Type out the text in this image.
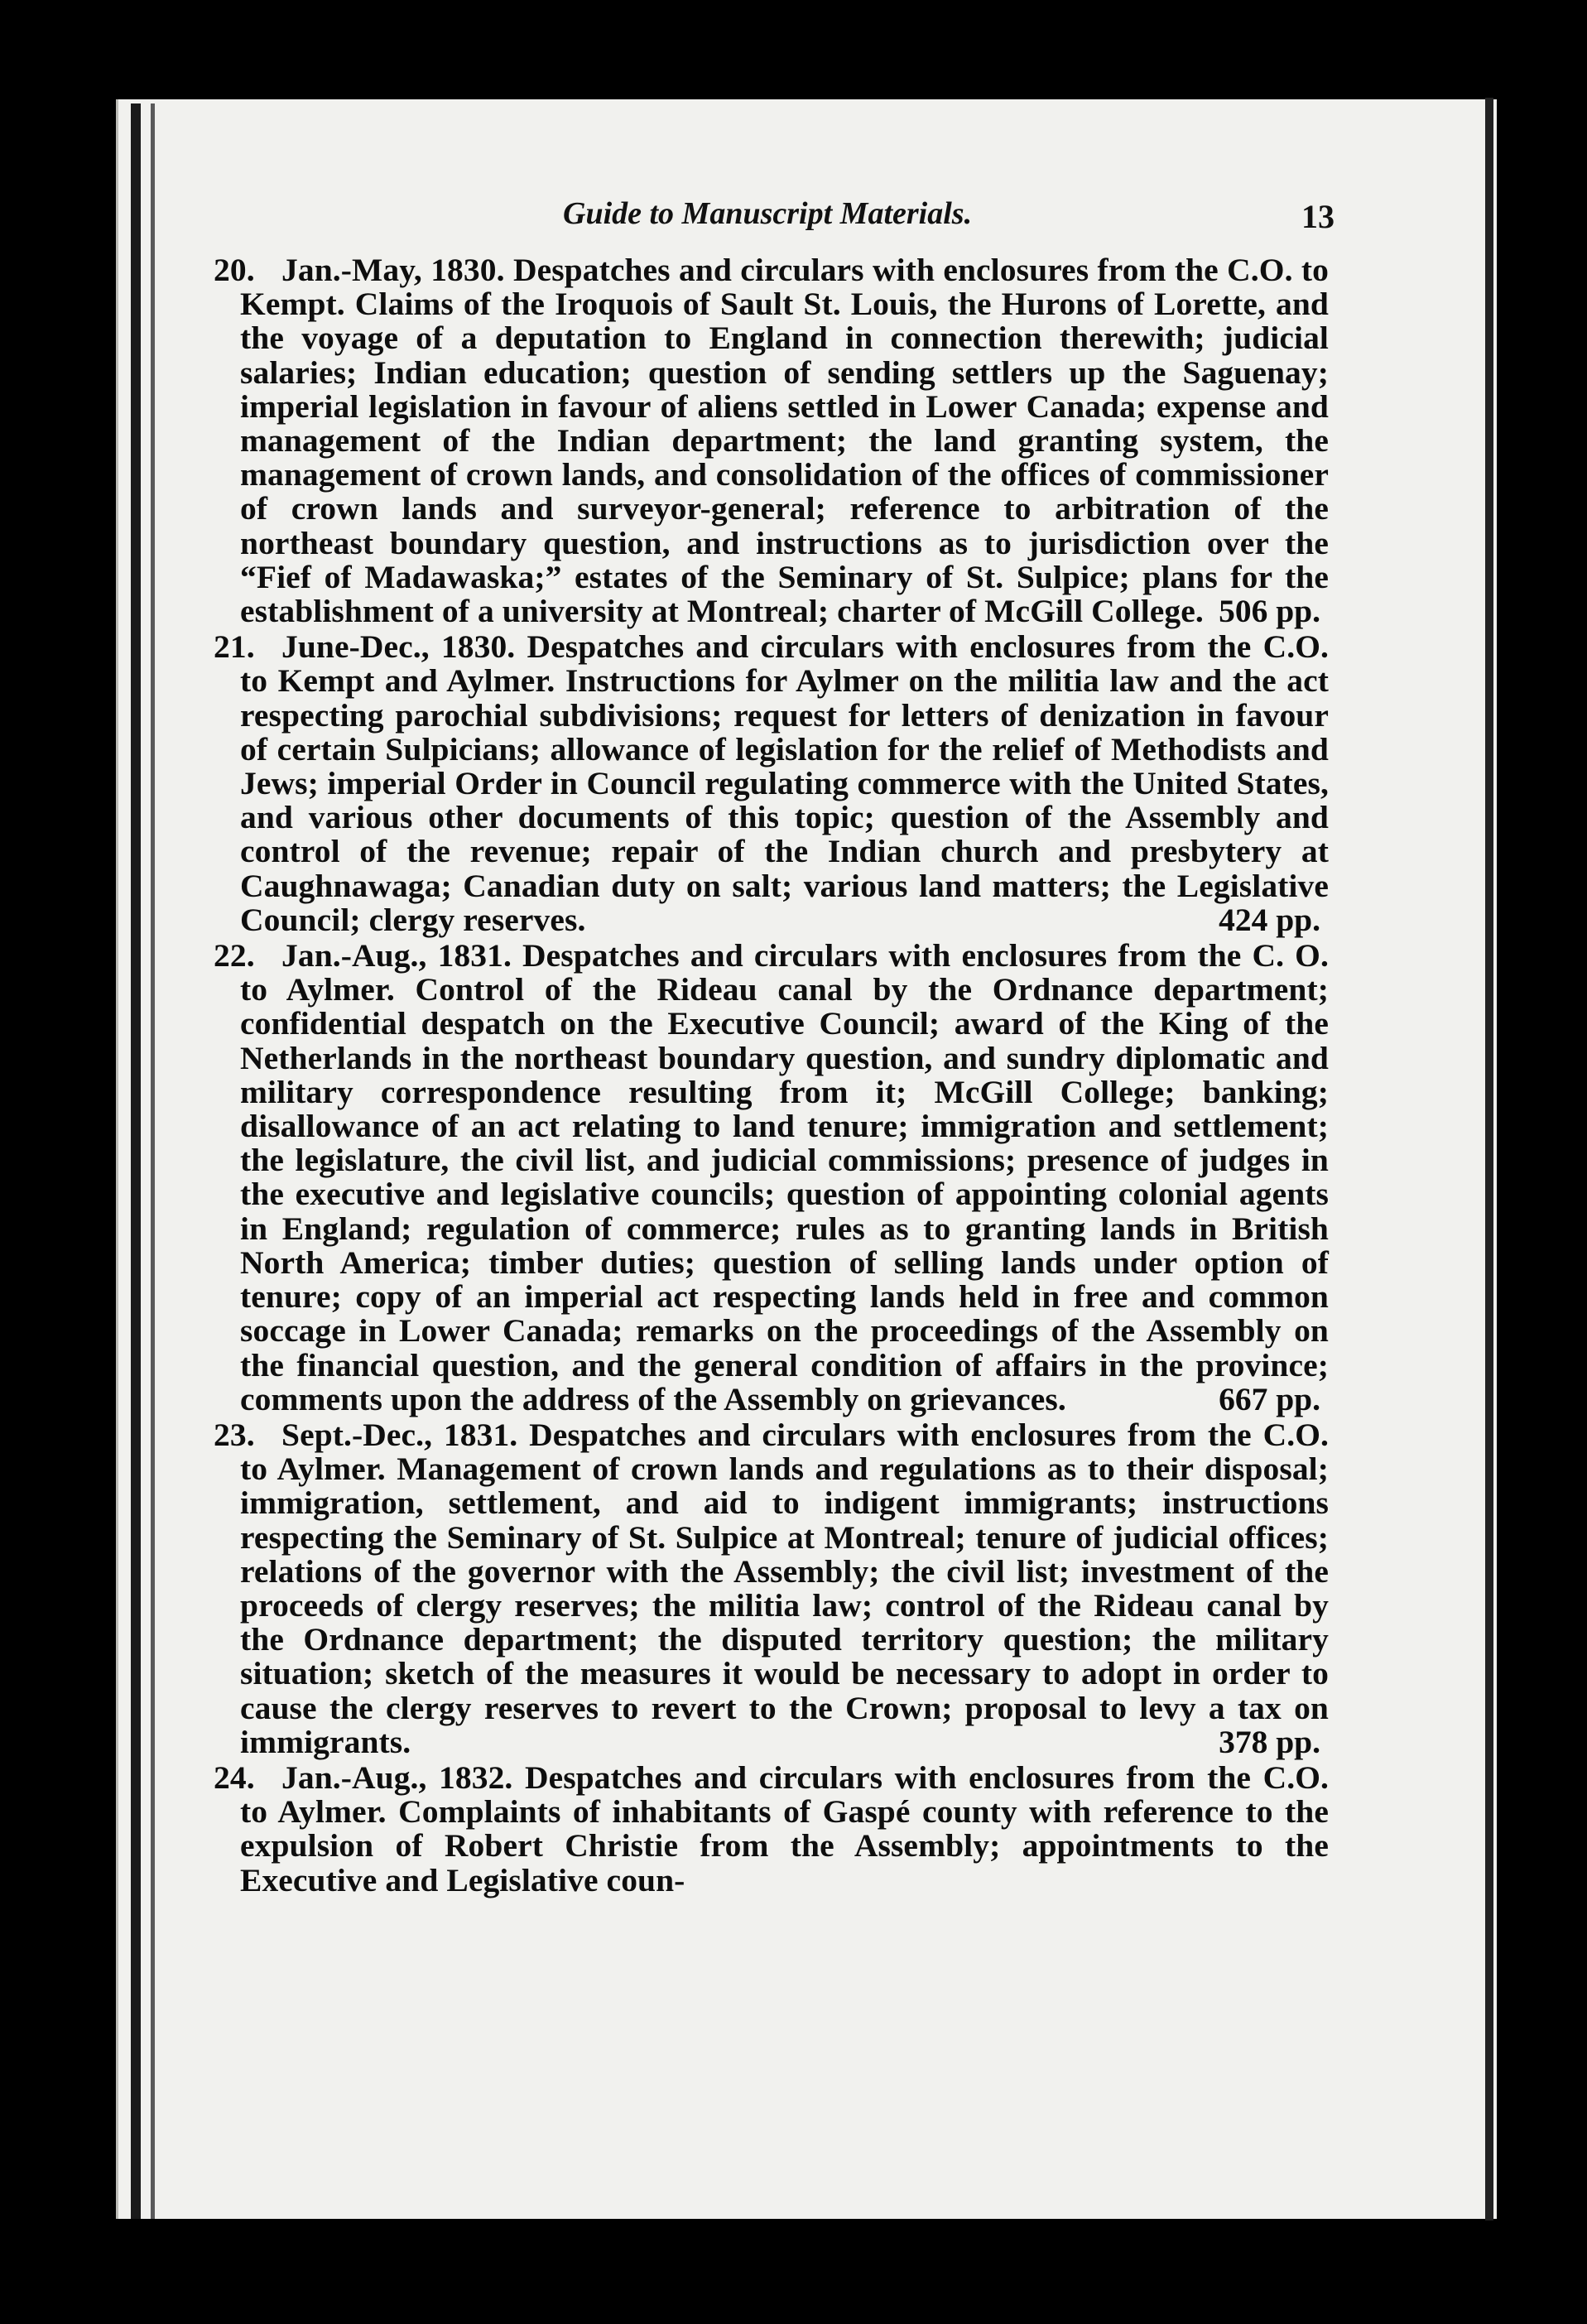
Guide to Manuscript Materials.	13

20. Jan.-May, 1830. Despatches and circulars with enclosures from the C.O. to Kempt. Claims of the Iroquois of Sault St. Louis, the Hurons of Lorette, and the voyage of a deputation to England in connection therewith; judicial salaries; Indian education; question of sending settlers up the Saguenay; imperial legislation in favour of aliens settled in Lower Canada; expense and management of the Indian department; the land granting system, the management of crown lands, and consolidation of the offices of commissioner of crown lands and surveyor-general; reference to arbitration of the northeast boundary question, and instructions as to jurisdiction over the “Fief of Madawaska;” estates of the Seminary of St. Sulpice; plans for the establishment of a university at Montreal; charter of McGill College. 506 pp.

21. June-Dec., 1830. Despatches and circulars with enclosures from the C.O. to Kempt and Aylmer. Instructions for Aylmer on the militia law and the act respecting parochial subdivisions; request for letters of denization in favour of certain Sulpicians; allowance of legislation for the relief of Methodists and Jews; imperial Order in Council regulating commerce with the United States, and various other documents of this topic; question of the Assembly and control of the revenue; repair of the Indian church and presbytery at Caughnawaga; Canadian duty on salt; various land matters; the Legislative Council; clergy reserves.	424 pp.

22. Jan.-Aug., 1831. Despatches and circulars with enclosures from the C. O. to Aylmer. Control of the Rideau canal by the Ordnance department; confidential despatch on the Executive Council; award of the King of the Netherlands in the northeast boundary question, and sundry diplomatic and military correspondence resulting from it; McGill College; banking; disallowance of an act relating to land tenure; immigration and settlement; the legislature, the civil list, and judicial commissions; presence of judges in the executive and legislative councils; question of appointing colonial agents in England; regulation of commerce; rules as to granting lands in British North America; timber duties; question of selling lands under option of tenure; copy of an imperial act respecting lands held in free and common soccage in Lower Canada; remarks on the proceedings of the Assembly on the financial question, and the general condition of affairs in the province; comments upon the address of the Assembly on grievances.	667 pp.

23. Sept.-Dec., 1831. Despatches and circulars with enclosures from the C.O. to Aylmer. Management of crown lands and regulations as to their disposal; immigration, settlement, and aid to indigent immigrants; instructions respecting the Seminary of St. Sulpice at Montreal; tenure of judicial offices; relations of the governor with the Assembly; the civil list; investment of the proceeds of clergy reserves; the militia law; control of the Rideau canal by the Ordnance department; the disputed territory question; the military situation; sketch of the measures it would be necessary to adopt in order to cause the clergy reserves to revert to the Crown; proposal to levy a tax on immigrants.	378 pp.

24. Jan.-Aug., 1832. Despatches and circulars with enclosures from the C.O. to Aylmer. Complaints of inhabitants of Gaspé county with reference to the expulsion of Robert Christie from the Assembly; appointments to the Executive and Legislative coun-
